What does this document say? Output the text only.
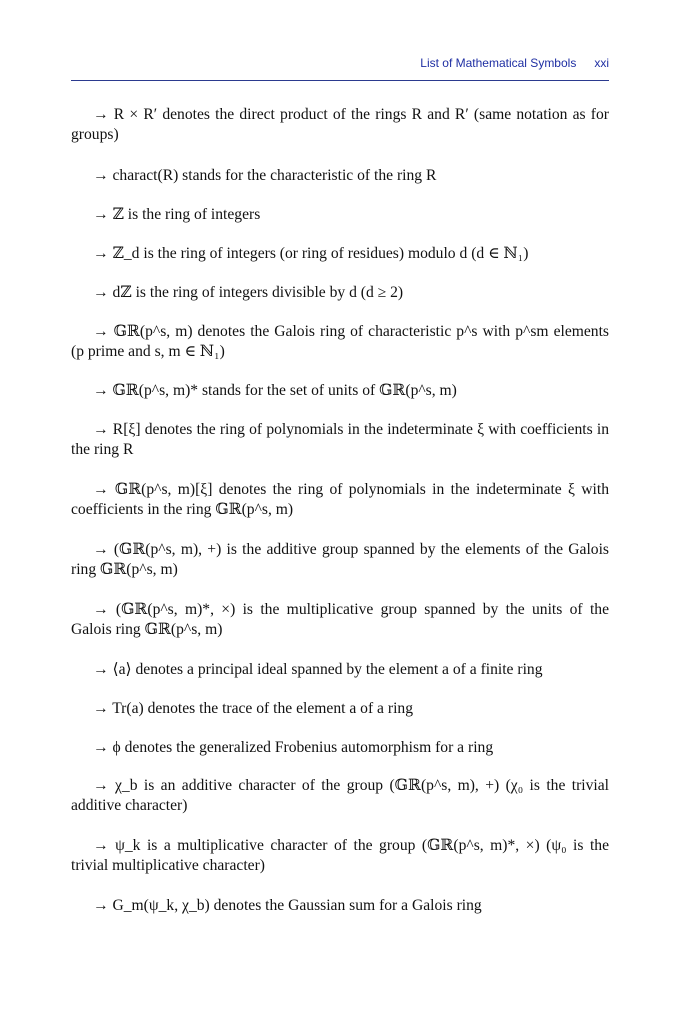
List of Mathematical Symbols xxi

→ R × R′ denotes the direct product of the rings R and R′ (same notation as for groups)

→ charact(R) stands for the characteristic of the ring R

→ ℤ is the ring of integers

→ ℤ_d is the ring of integers (or ring of residues) modulo d (d ∈ ℕ₁)

→ dℤ is the ring of integers divisible by d (d ≥ 2)

→ 𝔾ℝ(p^s, m) denotes the Galois ring of characteristic p^s with p^sm elements (p prime and s, m ∈ ℕ₁)

→ 𝔾ℝ(p^s, m)* stands for the set of units of 𝔾ℝ(p^s, m)

→ R[ξ] denotes the ring of polynomials in the indeterminate ξ with coefficients in the ring R

→ 𝔾ℝ(p^s, m)[ξ] denotes the ring of polynomials in the indeterminate ξ with coefficients in the ring 𝔾ℝ(p^s, m)

→ (𝔾ℝ(p^s, m), +) is the additive group spanned by the elements of the Galois ring 𝔾ℝ(p^s, m)

→ (𝔾ℝ(p^s, m)*, ×) is the multiplicative group spanned by the units of the Galois ring 𝔾ℝ(p^s, m)

→ ⟨a⟩ denotes a principal ideal spanned by the element a of a finite ring

→ Tr(a) denotes the trace of the element a of a ring

→ ϕ denotes the generalized Frobenius automorphism for a ring

→ χ_b is an additive character of the group (𝔾ℝ(p^s, m), +) (χ₀ is the trivial additive character)

→ ψ_k is a multiplicative character of the group (𝔾ℝ(p^s, m)*, ×) (ψ₀ is the trivial multiplicative character)

→ G_m(ψ_k, χ_b) denotes the Gaussian sum for a Galois ring
